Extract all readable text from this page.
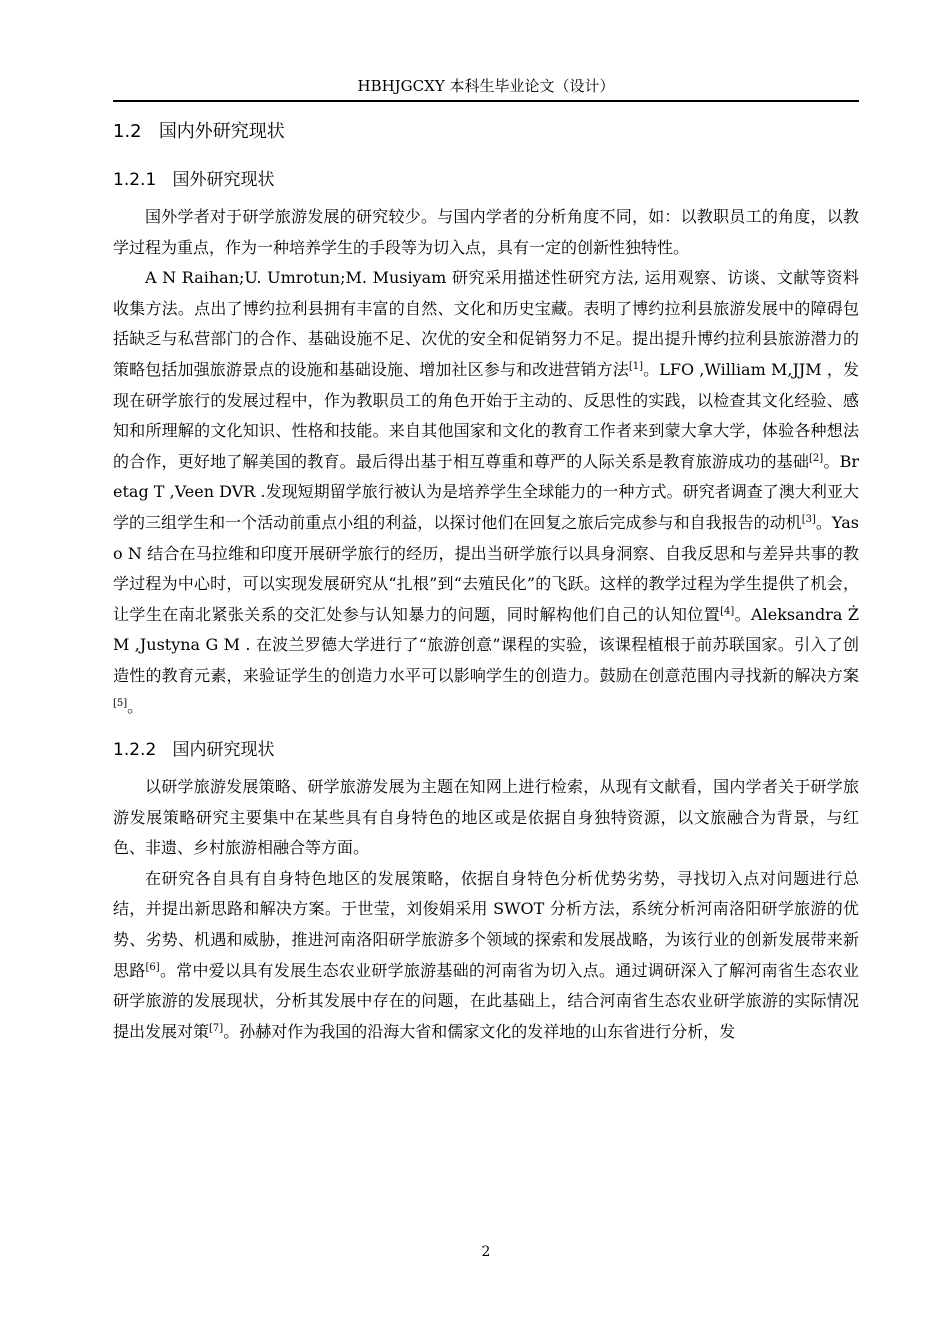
HBHJGCXY 本科生毕业论文（设计）
1.2 国内外研究现状
1.2.1 国外研究现状

国外学者对于研学旅游发展的研究较少。与国内学者的分析角度不同，如：以教职员工的角度，以教学过程为重点，作为一种培养学生的手段等为切入点，具有一定的创新性独特性。

A N Raihan;U. Umrotun;M. Musiyam 研究采用描述性研究方法, 运用观察、访谈、文献等资料收集方法。点出了博约拉利县拥有丰富的自然、文化和历史宝藏。表明了博约拉利县旅游发展中的障碍包括缺乏与私营部门的合作、基础设施不足、次优的安全和促销努力不足。提出提升博约拉利县旅游潜力的策略包括加强旅游景点的设施和基础设施、增加社区参与和改进营销方法[1]。LFO ,William M,JJM ，发现在研学旅行的发展过程中，作为教职员工的角色开始于主动的、反思性的实践，以检查其文化经验、感知和所理解的文化知识、性格和技能。来自其他国家和文化的教育工作者来到蒙大拿大学，体验各种想法的合作，更好地了解美国的教育。最后得出基于相互尊重和尊严的人际关系是教育旅游成功的基础[2]。Bretag T ,Veen DVR .发现短期留学旅行被认为是培养学生全球能力的一种方式。研究者调查了澳大利亚大学的三组学生和一个活动前重点小组的利益，以探讨他们在回复之旅后完成参与和自我报告的动机[3]。Yaso N 结合在马拉维和印度开展研学旅行的经历，提出当研学旅行以具身洞察、自我反思和与差异共事的教学过程为中心时，可以实现发展研究从“扎根”到“去殖民化”的飞跃。这样的教学过程为学生提供了机会，让学生在南北紧张关系的交汇处参与认知暴力的问题，同时解构他们自己的认知位置[4]。Aleksandra Ż M ,Justyna G M . 在波兰罗德大学进行了“旅游创意”课程的实验，该课程植根于前苏联国家。引入了创造性的教育元素，来验证学生的创造力水平可以影响学生的创造力。鼓励在创意范围内寻找新的解决方案[5]。

1.2.2 国内研究现状

以研学旅游发展策略、研学旅游发展为主题在知网上进行检索，从现有文献看，国内学者关于研学旅游发展策略研究主要集中在某些具有自身特色的地区或是依据自身独特资源，以文旅融合为背景，与红色、非遗、乡村旅游相融合等方面。

在研究各自具有自身特色地区的发展策略，依据自身特色分析优势劣势，寻找切入点对问题进行总结，并提出新思路和解决方案。于世莹，刘俊娟采用 SWOT 分析方法，系统分析河南洛阳研学旅游的优势、劣势、机遇和威胁，推进河南洛阳研学旅游多个领域的探索和发展战略，为该行业的创新发展带来新思路[6]。常中爱以具有发展生态农业研学旅游基础的河南省为切入点。通过调研深入了解河南省生态农业研学旅游的发展现状，分析其发展中存在的问题，在此基础上，结合河南省生态农业研学旅游的实际情况提出发展对策[7]。孙赫对作为我国的沿海大省和儒家文化的发祥地的山东省进行分析，发

2
